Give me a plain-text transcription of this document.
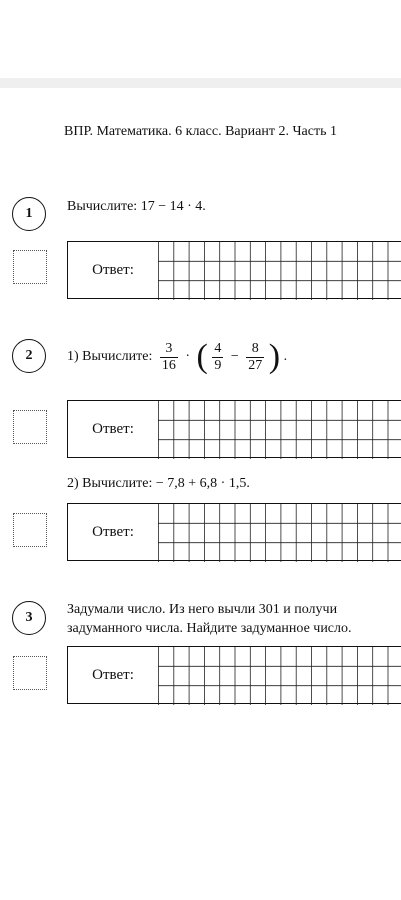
ВПР. Математика. 6 класс. Вариант 2. Часть 1
1	Вычислите: 17 − 14 · 4.
Ответ:
2	1) Вычислите: $\frac{3}{16}$ · ( $\frac{4}{9} - \frac{8}{27}$ ) .
Ответ:
2) Вычислите: − 7,8 + 6,8 · 1,5.
Ответ:
3
Задумали число. Из него вычли 301 и получи
задуманного числа. Найдите задуманное число.
Ответ:
